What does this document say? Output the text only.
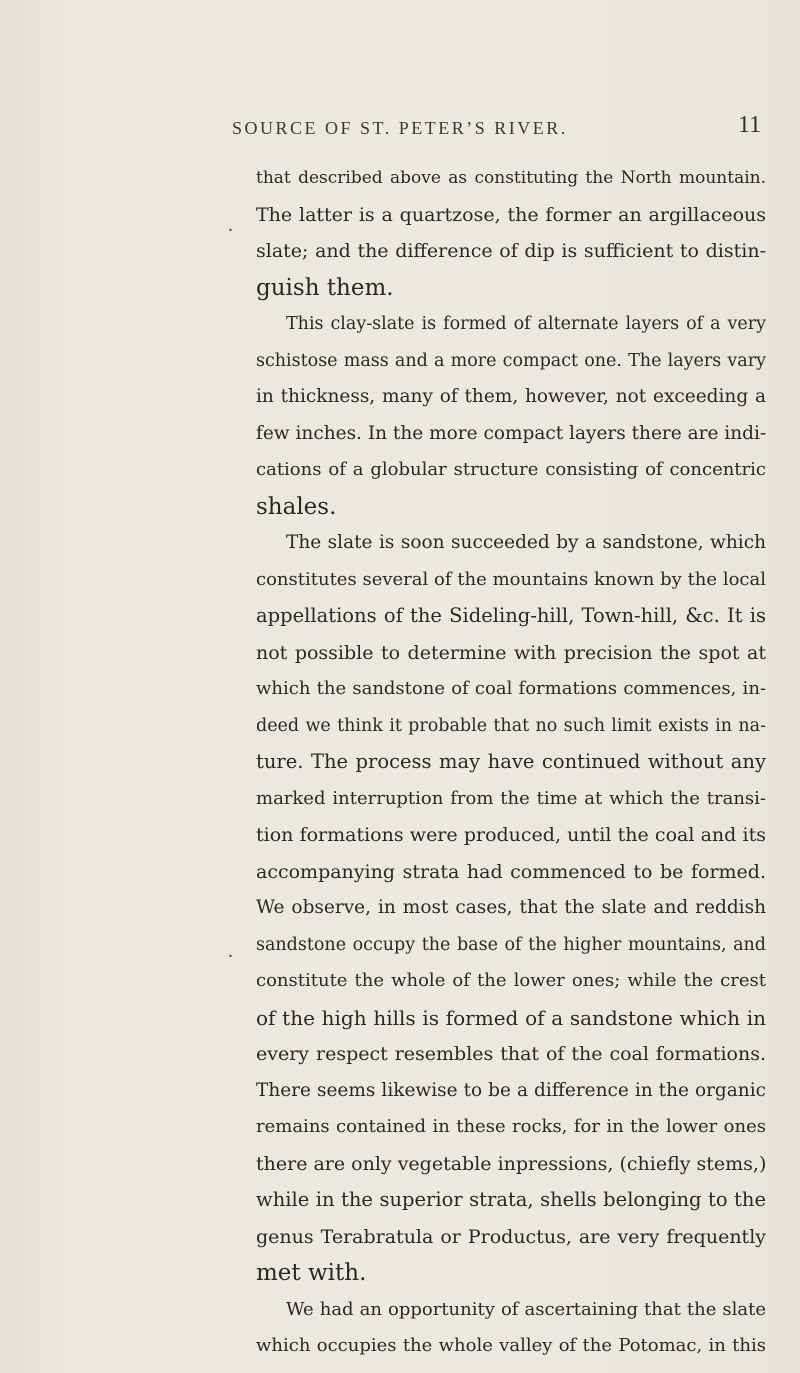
SOURCE OF ST. PETER’S RIVER.	11
.
.
that described above as constituting the North mountain.
The latter is a quartzose, the former an argillaceous
slate; and the difference of dip is sufficient to distin-
guish them.
This clay-slate is formed of alternate layers of a very
schistose mass and a more compact one. The layers vary
in thickness, many of them, however, not exceeding a
few inches. In the more compact layers there are indi-
cations of a globular structure consisting of concentric
shales.
The slate is soon succeeded by a sandstone, which
constitutes several of the mountains known by the local
appellations of the Sideling-hill, Town-hill, &c. It is
not possible to determine with precision the spot at
which the sandstone of coal formations commences, in-
deed we think it probable that no such limit exists in na-
ture. The process may have continued without any
marked interruption from the time at which the transi-
tion formations were produced, until the coal and its
accompanying strata had commenced to be formed.
We observe, in most cases, that the slate and reddish
sandstone occupy the base of the higher mountains, and
constitute the whole of the lower ones; while the crest
of the high hills is formed of a sandstone which in
every respect resembles that of the coal formations.
There seems likewise to be a difference in the organic
remains contained in these rocks, for in the lower ones
there are only vegetable inpressions, (chiefly stems,)
while in the superior strata, shells belonging to the
genus Terabratula or Productus, are very frequently
met with.
We had an opportunity of ascertaining that the slate
which occupies the whole valley of the Potomac, in this
